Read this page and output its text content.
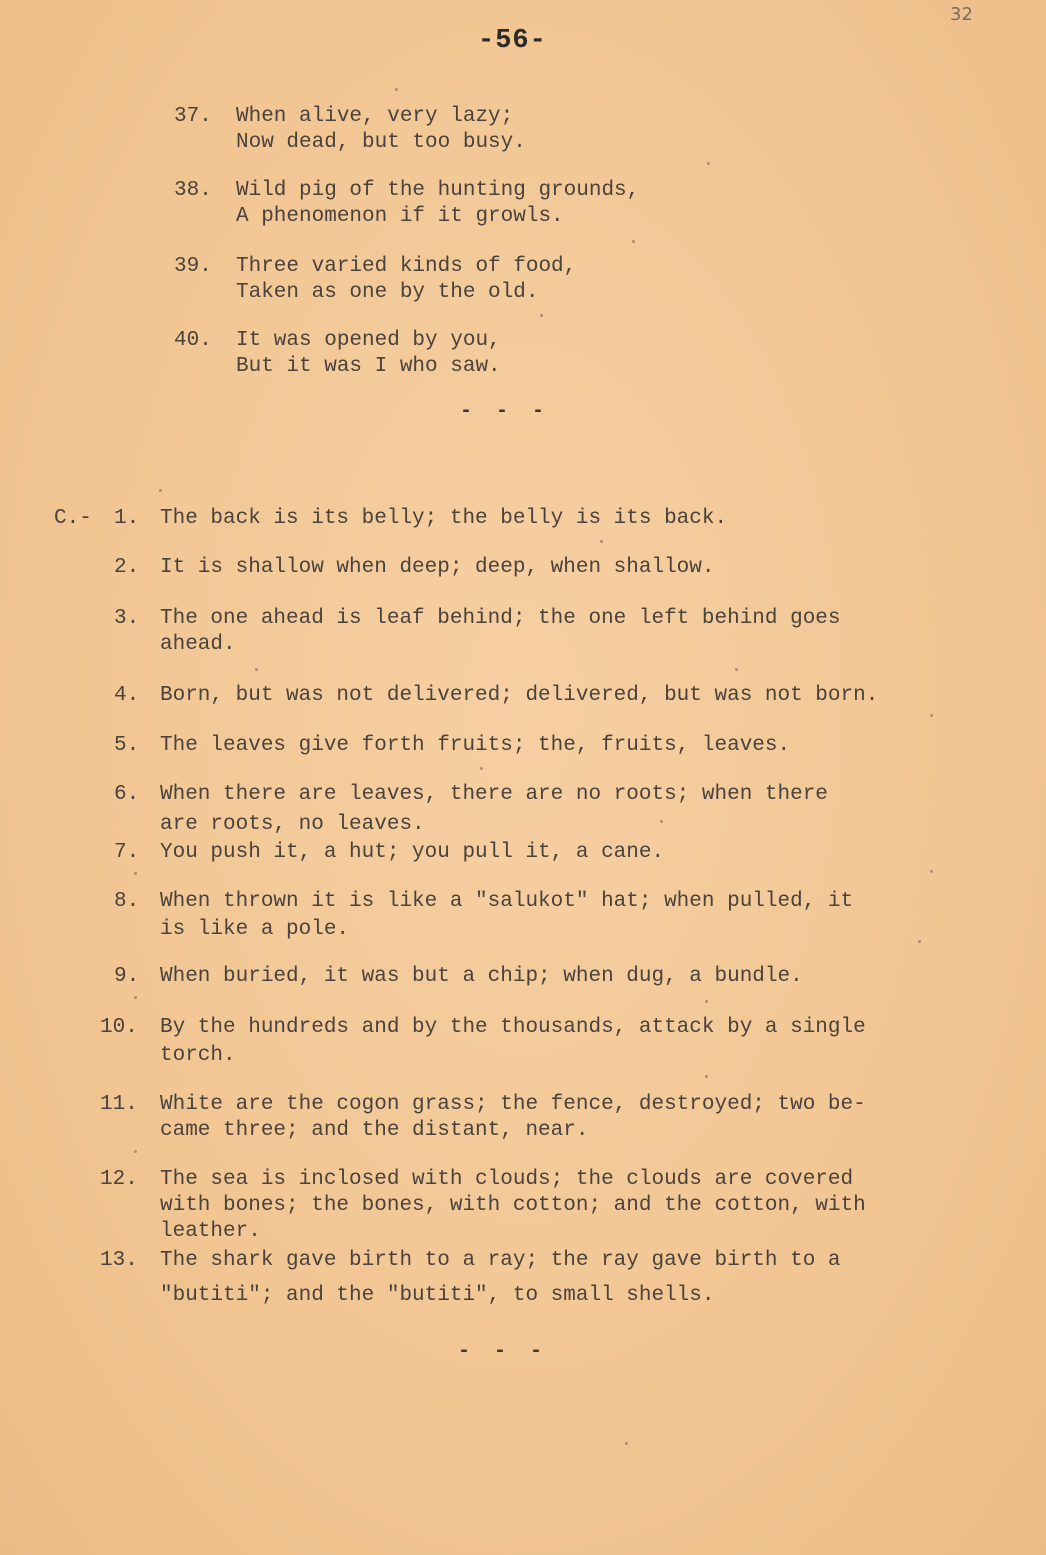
-56-
32
37. When alive, very lazy;
Now dead, but too busy.
38. Wild pig of the hunting grounds,
A phenomenon if it growls.
39. Three varied kinds of food,
Taken as one by the old.
40. It was opened by you,
But it was I who saw.
- - -
C.- 1. The back is its belly; the belly is its back.
2. It is shallow when deep; deep, when shallow.
3. The one ahead is leaf behind; the one left behind goes
ahead.
4. Born, but was not delivered; delivered, but was not born.
5. The leaves give forth fruits; the, fruits, leaves.
6. When there are leaves, there are no roots; when there
are roots, no leaves.
7. You push it, a hut; you pull it, a cane.
8. When thrown it is like a "salukot" hat; when pulled, it
is like a pole.
9. When buried, it was but a chip; when dug, a bundle.
10. By the hundreds and by the thousands, attack by a single
torch.
11. White are the cogon grass; the fence, destroyed; two be-
came three; and the distant, near.
12. The sea is inclosed with clouds; the clouds are covered
with bones; the bones, with cotton; and the cotton, with
leather.
13. The shark gave birth to a ray; the ray gave birth to a
"butiti"; and the "butiti", to small shells.
- - -
